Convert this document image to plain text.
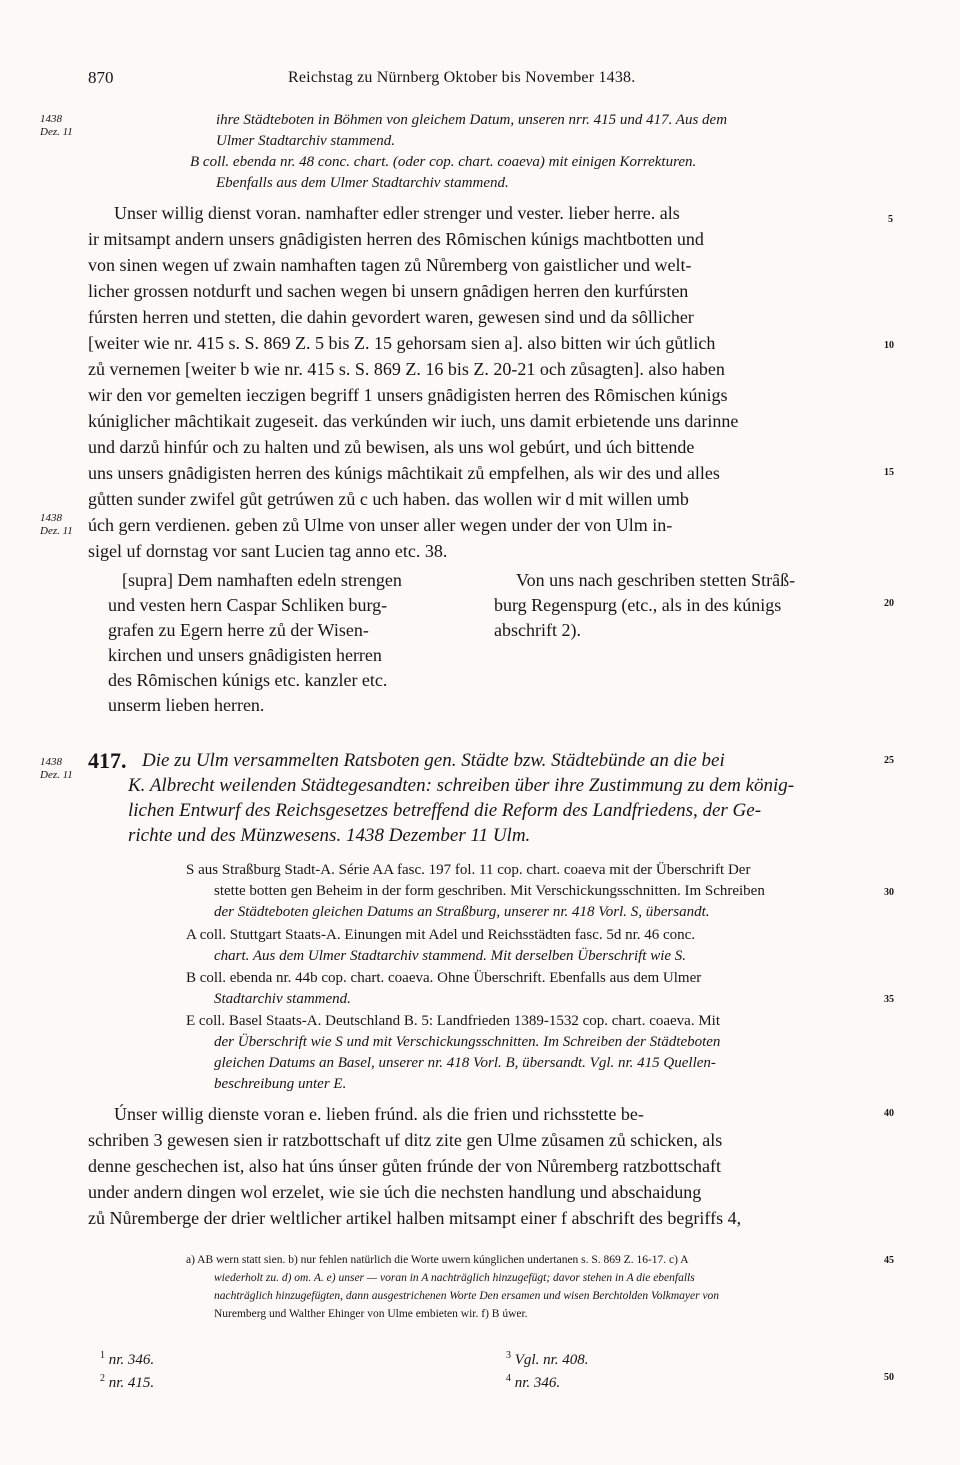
870	Reichstag zu Nürnberg Oktober bis November 1438.
1438
Dez. 11
1438
Dez. 11
1438
Dez. 11
5
10
15
20
25
30
35
40
45
50
ihre Städteboten in Böhmen von gleichem Datum, unseren nrr. 415 und 417. Aus dem
Ulmer Stadtarchiv stammend.
B coll. ebenda nr. 48 conc. chart. (oder cop. chart. coaeva) mit einigen Korrekturen.
Ebenfalls aus dem Ulmer Stadtarchiv stammend.
Unser willig dienst voran. namhafter edler strenger und vester. lieber herre. als
ir mitsampt andern unsers gnȃdigisten herren des Rȏmischen kúnigs machtbotten und
von sinen wegen uf zwain namhaften tagen zů Nůremberg von gaistlicher und welt-
licher grossen notdurft und sachen wegen bi unsern gnȃdigen herren den kurfúrsten
fúrsten herren und stetten, die dahin gevordert waren, gewesen sind und da sȏllicher
[weiter wie nr. 415 s. S. 869 Z. 5 bis Z. 15 gehorsam sien a]. also bitten wir úch gůtlich
zů vernemen [weiter b wie nr. 415 s. S. 869 Z. 16 bis Z. 20-21 och zůsagten]. also haben
wir den vor gemelten ieczigen begriff 1 unsers gnȃdigisten herren des Rȏmischen kúnigs
kúniglicher mȃchtikait zugeseit. das verkúnden wir iuch, uns damit erbietende uns darinne
und darzů hinfúr och zu halten und zů bewisen, als uns wol gebúrt, und úch bittende
uns unsers gnȃdigisten herren des kúnigs mȃchtikait zů empfelhen, als wir des und alles
gůtten sunder zwifel gůt getrúwen zů c uch haben. das wollen wir d mit willen umb
úch gern verdienen. geben zů Ulme von unser aller wegen under der von Ulm in-
sigel uf dornstag vor sant Lucien tag anno etc. 38.
[supra] Dem namhaften edeln strengen
und vesten hern Caspar Schliken burg-
grafen zu Egern herre zů der Wisen-
kirchen und unsers gnȃdigisten herren
des Rȏmischen kúnigs etc. kanzler etc.
unserm lieben herren.
Von uns nach geschriben stetten Strȃß-
burg Regenspurg (etc., als in des kúnigs
abschrift 2).
417. Die zu Ulm versammelten Ratsboten gen. Städte bzw. Städtebünde an die bei
K. Albrecht weilenden Städtegesandten: schreiben über ihre Zustimmung zu dem könig-
lichen Entwurf des Reichsgesetzes betreffend die Reform des Landfriedens, der Ge-
richte und des Münzwesens. 1438 Dezember 11 Ulm.
S aus Straßburg Stadt-A. Série AA fasc. 197 fol. 11 cop. chart. coaeva mit der Überschrift Der
stette botten gen Beheim in der form geschriben. Mit Verschickungsschnitten. Im Schreiben
der Städteboten gleichen Datums an Straßburg, unserer nr. 418 Vorl. S, übersandt.
A coll. Stuttgart Staats-A. Einungen mit Adel und Reichsstädten fasc. 5d nr. 46 conc.
chart. Aus dem Ulmer Stadtarchiv stammend. Mit derselben Überschrift wie S.
B coll. ebenda nr. 44b cop. chart. coaeva. Ohne Überschrift. Ebenfalls aus dem Ulmer
Stadtarchiv stammend.
E coll. Basel Staats-A. Deutschland B. 5: Landfrieden 1389-1532 cop. chart. coaeva. Mit
der Überschrift wie S und mit Verschickungsschnitten. Im Schreiben der Städteboten
gleichen Datums an Basel, unserer nr. 418 Vorl. B, übersandt. Vgl. nr. 415 Quellen-
beschreibung unter E.
Únser willig dienste voran e. lieben frúnd. als die frien und richsstette be-
schriben 3 gewesen sien ir ratzbottschaft uf ditz zite gen Ulme zůsamen zů schicken, als
denne geschechen ist, also hat úns únser gůten frúnde der von Nůremberg ratzbottschaft
under andern dingen wol erzelet, wie sie úch die nechsten handlung und abschaidung
zů Nůremberge der drier weltlicher artikel halben mitsampt einer f abschrift des begriffs 4,
a) AB wern statt sien. b) nur fehlen natürlich die Worte uwern kúnglichen undertanen s. S. 869 Z. 16-17. c) A
wiederholt zu. d) om. A. e) unser — voran in A nachträglich hinzugefügt; davor stehen in A die ebenfalls
nachträglich hinzugefügten, dann ausgestrichenen Worte Den ersamen und wisen Berchtolden Volkmayer von
Nuremberg und Walther Ehinger von Ulme embieten wir. f) B úwer.
$^1$ nr. 346.
$^2$ nr. 415.
$^3$ Vgl. nr. 408.
$^4$ nr. 346.
